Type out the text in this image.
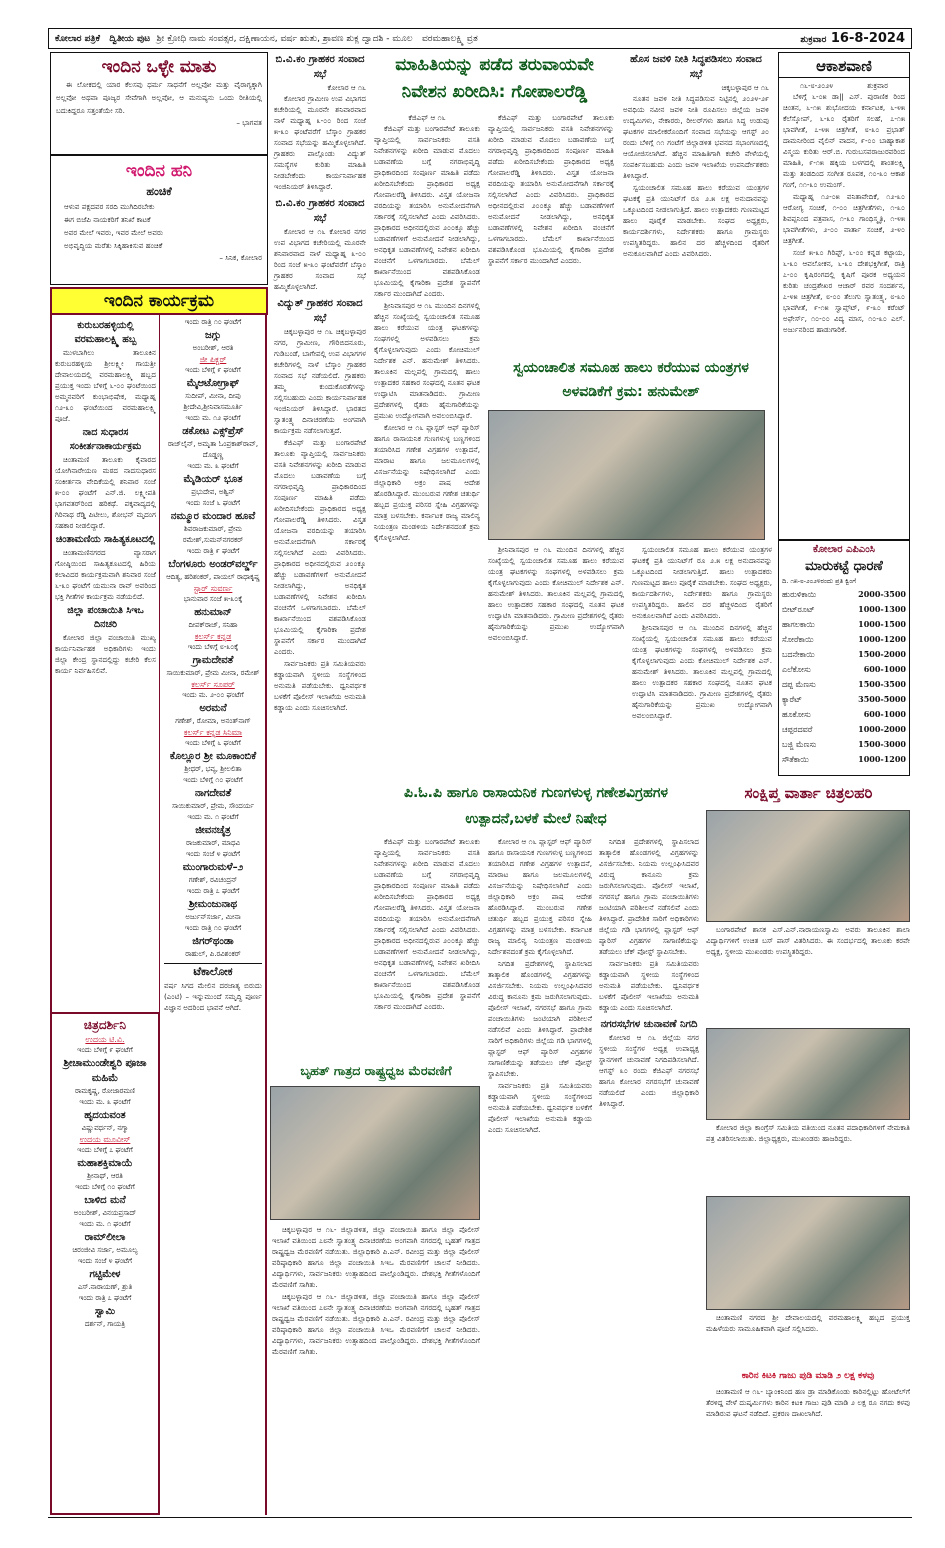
ಕೋಲಾರ ಪತ್ರಿಕೆ
ದ್ವಿತೀಯ ಪುಟ
ಶ್ರೀ ಕ್ರೋಧಿ ನಾಮ ಸಂವತ್ಸರ, ದಕ್ಷಿಣಾಯನ, ವರ್ಷ ಋತು, ಶ್ರಾವಣ ಶುಕ್ಲ ದ್ವಾದಶಿ - ಮೂಲ
ವರಮಹಾಲಕ್ಷ್ಮಿ ವ್ರತ	ಶುಕ್ರವಾರ 16-8-2024
ಇಂದಿನ ಒಳ್ಳೇ ಮಾತು
ಈ ಲೋಕದಲ್ಲಿ ಯಾರ ಕೆಲಸವು ಧರ್ಮ ಸಾಧನೆಗೆ ಅಲ್ಲವೋ ಮತ್ತು ವೈರಾಗ್ಯಕ್ಕಾಗಿ ಅಲ್ಲವೋ ಅಥವಾ ಪೂಜ್ಯರ ಸೇವೆಗಾಗಿ ಅಲ್ಲವೋ, ಆ ಮನುಷ್ಯನು ಒಂದು ರೀತಿಯಲ್ಲಿ ಬದುಕಿದ್ದರೂ ಸತ್ತಂತೆಯೇ ಸರಿ.
– ಭಾಗವತ
ಇಂದಿನ ಹನಿ
ಹಂಚಿಕೆ
ಆಳುವ ಪಕ್ಷದವರ ಸರದಿ ಮುಗಿದಿರಬೇಕು
ಈಗ ಬಿಜೆಪಿ ನಾಯಕರಿಗೆ ತನಿಖೆ ಕಾಟಕೆ
ಅವರ ಮೇಲೆ ಇವರು, ಇವರ ಮೇಲೆ ಅವರು
ಅಭಿವೃದ್ಧಿಯ ಮರೆತು ಸಿಕ್ಕಿಹಾಕಿಸುವ ಹಂಚಿಕೆ
– ಸಿನಿಕ, ಕೋಲಾರ
ಇಂದಿನ ಕಾರ್ಯಕ್ರಮ
ಕುರುಬರಹಳ್ಳಿಯಲ್ಲಿ ವರಮಹಾಲಕ್ಷ್ಮಿ ಹಬ್ಬ
ಮುಳಬಾಗಿಲು ತಾಲೂಕಿನ ಕುರುಬರಹಳ್ಳಿಯ ಶ್ರೀಲಕ್ಷ್ಮೀ ಗಾಯತ್ರೀ ದೇವಾಲಯದಲ್ಲಿ ವರಮಹಾಲಕ್ಷ್ಮಿ ಹಬ್ಬದ ಪ್ರಯುಕ್ತ ಇಂದು ಬೆಳಿಗ್ಗೆ ೬-೦೦ ಘಂಟೆಯಿಂದ ಅಮ್ಮನವರಿಗೆ ಕುಂಭಾಭಿಷೇಕ, ಮಧ್ಯಾಹ್ನ ೧೨-೩೦ ಘಂಟೆಯಿಂದ ವರಮಹಾಲಕ್ಷ್ಮಿ ಪೂಜೆ.
ನಾದ ಸುಧಾರಸ ಸಂಕೀರ್ತನಾಕಾರ್ಯಕ್ರಮ
ಚಿಂತಾಮಣಿ ತಾಲೂಕು ಕೈವಾರದ ಯೋಗಿನಾರೇಯಣ ಮಠದ ನಾದಸುಧಾರಸ ಸಂಕೀರ್ತನಾ ವೇದಿಕೆಯಲ್ಲಿ ಶನಿವಾರ ಸಂಜೆ ೫-೦೦ ಘಂಟೆಗೆ ಎನ್.ಜಿ. ಲಕ್ಷ್ಮೀಪತಿ ಭಾಗವತರ್‌ರಿಂದ ಹರಿಕಥೆ. ಪಕ್ಕವಾದ್ಯದಲ್ಲಿ ಗಿರಿನಾಥ ರೆಡ್ಡಿ ಪಿಟೀಲು, ಶೋಭನ್ ಮೃದಂಗ ಸಹಕಾರ ನೀಡಲಿದ್ದಾರೆ.
ಚಿಂತಾಮಣಿಯ ಸಾಹಿತ್ಯಕೂಟದಲ್ಲಿ
ಚಿಂತಾಮಣಿನಗರದ ವ್ಯಾಸರಾಗ ಗೋಷ್ಠಿಯಿಂದ ಸಾಹಿತ್ಯಕೂಟದಲ್ಲಿ ಹಿರಿಯ ಕಲಾವಿದರ ಕಾರ್ಯಕ್ರಮವಾಗಿ ಶನಿವಾರ ಸಂಜೆ ೬-೩೦ ಘಂಟೆಗೆ ಯಮುನಾ ರಾವ್ ಅವರಿಂದ ಭಕ್ತಿ ಗೀತೆಗಳ ಕಾರ್ಯಕ್ರಮ ನಡೆಯಲಿದೆ.
ಜಿಲ್ಲಾ ಪಂಚಾಯಿತಿ ಸಿಇಒ ದಿನಚರಿ
ಕೋಲಾರ ಜಿಲ್ಲಾ ಪಂಚಾಯಿತಿ ಮುಖ್ಯ ಕಾರ್ಯನಿರ್ವಾಹಕ ಅಧಿಕಾರಿಗಳು ಇಂದು ಜಿಲ್ಲಾ ಕೇಂದ್ರ ಸ್ಥಾನದಲ್ಲಿದ್ದು ಕಚೇರಿ ಕೆಲಸ ಕಾರ್ಯ ನಿರ್ವಹಿಸಲಿವೆ.
ಇಂದು ರಾತ್ರಿ ೧೦ ಘಂಟೆಗೆ
ಜಗ್ಗು
ಅಂಬರೀಶ್, ಆರತಿ
ಜೀ ಪಿಕ್ಚರ್
ಇಂದು ಬೆಳಿಗ್ಗೆ ೯ ಘಂಟೆಗೆ
ಮೈಆಟೋಗ್ರಾಫ್
ಸುದೀಪ್, ಮೀನಾ, ದೀಪು ಶ್ರೀದೇವಿ,ಶ್ರೀನಿವಾಸಮೂರ್ತಿ
ಇಂದು ಮ. ೧೨ ಘಂಟೆಗೆ
ಡಕೋಟ ಎಕ್ಸ್‌ಪ್ರೆಸ್
ರಾಜ್‌ಲೈನ್, ಅಮೃತಾ ಓಂಪ್ರಕಾಶ್‌ರಾವ್, ದೊಡ್ಡಣ್ಣ
ಇಂದು ಮ. ೩ ಘಂಟೆಗೆ
ಮೈಡಿಯರ್ ಭೂತ
ಪ್ರಭುದೇವ, ಅಶ್ವಿನ್
ಇಂದು ಸಂಜೆ ೬ ಘಂಟೆಗೆ
ನಮ್ಮೂರ ಮಂದಾರ ಹೂವೆ
ಶಿವರಾಜಕುಮಾರ್, ಪ್ರೇಮ ರಮೇಶ್,ಸುಮನ್‌ನಗರಕರ್
ಇಂದು ರಾತ್ರಿ ೯ ಘಂಟೆಗೆ
ಬೆಂಗಳೂರು ಅಂಡರ್‌ವರ್ಲ್ಡ್
ಆದಿತ್ಯ, ಹರಿಶಂಕರ್, ಪಾಯಲ್ ರಾಧಾಕೃಷ್ಣ
ಸ್ಟಾರ್ ಸುವರ್ಣ
ಭಾನುವಾರ ಸಂಜೆ ೫-೩೦ಕ್ಕೆ
ಹನುಮಾನ್
ದೀಪಕ್‌ರಾಜ್, ಸನಿಹಾ
ಕಲರ್ಸ್ ಕನ್ನಡ
ಇಂದು ಬೆಳಿಗ್ಗೆ ೮-೩೦ಕ್ಕೆ
ಗ್ರಾಮದೇವತೆ
ಸಾಯಿಕುಮಾರ್, ಪ್ರೇಮ ಮೀನಾ, ರಮೇಶ್
ಕಲರ್ಸ್ ಸೂಪರ್
ಇಂದು ಮ. ೨-೦೦ ಘಂಟೆಗೆ
ಅರಮನೆ
ಗಣೇಶ್, ರೋಮಾ, ಅನಂತ್‌ನಾಗ್
ಕಲರ್ಸ್ ಕನ್ನಡ ಸಿನಿಮಾ
ಇಂದು ಬೆಳಿಗ್ಗೆ ೬ ಘಂಟೆಗೆ
ಕೊಲ್ಲೂರ ಶ್ರೀ ಮೂಕಾಂಬಿಕೆ
ಶ್ರೀಧರ್, ಭವ್ಯ, ಶ್ರೀಲಲಿತಾ
ಇಂದು ಬೆಳಿಗ್ಗೆ ೧೦ ಘಂಟೆಗೆ
ನಾಗದೇವತೆ
ಸಾಯಿಕುಮಾರ್, ಪ್ರೇಮ, ಸೌಂದರ್ಯ
ಇಂದು ಮ. ೧ ಘಂಟೆಗೆ
ಜೀವನಚೈತ್ರ
ರಾಜಕುಮಾರ್, ಮಾಧವಿ
ಇಂದು ಸಂಜೆ ೪ ಘಂಟೆಗೆ
ಮುಂಗಾರುಮಳೆ–೨
ಗಣೇಶ್, ರವಿಚಂದ್ರನ್
ಇಂದು ರಾತ್ರಿ ೭ ಘಂಟೆಗೆ
ಶ್ರೀಮಂಜುನಾಥ
ಅರ್ಜುನ್‌ಸರ್ಜಾ, ಮೀನಾ
ಇಂದು ರಾತ್ರಿ ೧೦ ಘಂಟೆಗೆ
ಜಿಗರ್‌ಥಂಡಾ
ರಾಹುಲ್, ಪಿ.ರವಿಶಂಕರ್
ಟೆಕಾಲೋಕ
ವರ್ಷ ಸಿಗದ ಮೇಲಿನ ದರಜಾತ್ಯ ಬಿರುದು (ಎಂಟಿ) – ಇನ್ನುಮುಂದೆ ಸಮೃದ್ಧಿ ಪೂರ್ಣ ವಿಜ್ಞಾನ ಅದರಿಂದ ಭಾವನೆ ಆಗಿದೆ.
ಚಿತ್ರದರ್ಶಿನಿ
ಉದಯ ಟಿ.ವಿ.
ಇಂದು ಬೆಳಿಗ್ಗೆ ೯ ಘಂಟೆಗೆ
ಶ್ರೀಚಾಮುಂಡೇಶ್ವರಿ ಪೂಜಾ ಮಹಿಮೆ
ರಾಮಕೃಷ್ಣ, ರೋಜಾರಮಣಿ
ಇಂದು ಮ. ೩ ಘಂಟೆಗೆ
ಹೃದಯವಂತ
ವಿಷ್ಣುವರ್ಧನ್, ನಗ್ಮಾ
ಉದಯ ಮೂವೀಸ್
ಇಂದು ಬೆಳಿಗ್ಗೆ ೭ ಘಂಟೆಗೆ
ಮಹಾಶಕ್ತಿಮಾಯೆ
ಶ್ರೀನಾಥ್, ಆರತಿ
ಇಂದು ಬೆಳಿಗ್ಗೆ ೧೦ ಘಂಟೆಗೆ
ಬಾಳಿದ ಮನೆ
ಅಂಬರೀಶ್, ವಿನಯಪ್ರಸಾದ್
ಇಂದು ಮ. ೧ ಘಂಟೆಗೆ
ರಾಮ್‌ಲೀಲಾ
ಚಿರಂಜೀವಿ ಸರ್ಜಾ, ಅಮೂಲ್ಯ
ಇಂದು ಸಂಜೆ ೪ ಘಂಟೆಗೆ
ಗಟ್ಟಿಮೇಳ
ಎಸ್.ನಾರಾಯಣ್, ಶ್ರುತಿ
ಇಂದು ರಾತ್ರಿ ೭ ಘಂಟೆಗೆ
ಸ್ವಾಮಿ
ದರ್ಶನ್, ಗಾಯತ್ರಿ
ಬಿ.ವಿ.ಕಂ ಗ್ರಾಹಕರ ಸಂವಾದ ಸಭೆ
ಕೋಲಾರ ಆ ೧೬

ಕೋಲಾರ ಗ್ರಾಮೀಣ ಉಪ ವಿಭಾಗದ ಕಚೇರಿಯಲ್ಲಿ ಮೂರನೇ ಶನಿವಾರವಾದ ನಾಳೆ ಮಧ್ಯಾಹ್ನ ೩-೦೦ ರಿಂದ ಸಂಜೆ ೫-೩೦ ಘಂಟೆವರೆಗೆ ಬೆಸ್ಕಾಂ ಗ್ರಾಹಕರ ಸಂವಾದ ಸಭೆಯನ್ನು ಹಮ್ಮಿಕೊಳ್ಳಲಾಗಿದೆ. ಗ್ರಾಹಕರು ಪಾಲ್ಗೊಂಡು ವಿದ್ಯುತ್ ಸಮಸ್ಯೆಗಳ ಕುರಿತು ಮಾಹಿತಿ ನೀಡಬೇಕೆಂದು ಕಾರ್ಯನಿರ್ವಾಹಕ ಇಂಜಿನಿಯರ್ ತಿಳಿಸಿದ್ದಾರೆ.

ಬಿ.ವಿ.ಕಂ ಗ್ರಾಹಕರ ಸಂವಾದ ಸಭೆ

ಕೋಲಾರ ಆ ೧೬ ಕೋಲಾರ ನಗರ ಉಪ ವಿಭಾಗದ ಕಚೇರಿಯಲ್ಲಿ ಮೂರನೇ ಶನಿವಾರವಾದ ನಾಳೆ ಮಧ್ಯಾಹ್ನ ೩-೦೦ ರಿಂದ ಸಂಜೆ ೫-೩೦ ಘಂಟೆವರೆಗೆ ಬೆಸ್ಕಾಂ ಗ್ರಾಹಕರ ಸಂವಾದ ಸಭೆ ಹಮ್ಮಿಕೊಳ್ಳಲಾಗಿದೆ.

ವಿದ್ಯುತ್ ಗ್ರಾಹಕರ ಸಂವಾದ ಸಭೆ

ಚಿಕ್ಕಬಳ್ಳಾಪುರ ಆ ೧೬ ಚಿಕ್ಕಬಳ್ಳಾಪುರ ನಗರ, ಗ್ರಾಮೀಣ, ಗೌರಿಬಿದನೂರು, ಗುಡಿಬಂಡೆ, ಬಾಗೇಪಲ್ಲಿ ಉಪ ವಿಭಾಗಗಳ ಕಚೇರಿಗಳಲ್ಲಿ ನಾಳೆ ಬೆಸ್ಕಾಂ ಗ್ರಾಹಕರ ಸಂವಾದ ಸಭೆ ನಡೆಯಲಿದೆ. ಗ್ರಾಹಕರು ತಮ್ಮ ಕುಂದುಕೊರತೆಗಳನ್ನು ಸಲ್ಲಿಸಬಹುದು ಎಂದು ಕಾರ್ಯನಿರ್ವಾಹಕ ಇಂಜಿನಿಯರ್ ತಿಳಿಸಿದ್ದಾರೆ. ಭಾರತದ ಸ್ವಾತಂತ್ರ್ಯ ದಿನಾಚರಣೆಯ ಅಂಗವಾಗಿ ಕಾರ್ಯಕ್ರಮ ನಡೆಸಲಾಗುತ್ತದೆ.

ಕೆಜಿಎಫ್ ಮತ್ತು ಬಂಗಾರಪೇಟೆ ತಾಲೂಕು ವ್ಯಾಪ್ತಿಯಲ್ಲಿ ಸಾರ್ವಜನಿಕರು ವಸತಿ ನಿವೇಶನಗಳನ್ನು ಖರೀದಿ ಮಾಡುವ ಮೊದಲು ಬಡಾವಣೆಯ ಬಗ್ಗೆ ನಗರಾಭಿವೃದ್ಧಿ ಪ್ರಾಧಿಕಾರದಿಂದ ಸಂಪೂರ್ಣ ಮಾಹಿತಿ ಪಡೆದು ಖರೀದಿಸಬೇಕೆಂದು ಪ್ರಾಧಿಕಾರದ ಅಧ್ಯಕ್ಷ ಗೋಪಾಲರೆಡ್ಡಿ ತಿಳಿಸಿದರು. ವಿಸ್ತೃತ ಯೋಜನಾ ವರದಿಯನ್ನು ತಯಾರಿಸಿ ಅನುಮೋದನೆಗಾಗಿ ಸರ್ಕಾರಕ್ಕೆ ಸಲ್ಲಿಸಲಾಗಿದೆ ಎಂದು ವಿವರಿಸಿದರು. ಪ್ರಾಧಿಕಾರದ ಅಧೀನದಲ್ಲಿರುವ ೨೦೦ಕ್ಕೂ ಹೆಚ್ಚು ಬಡಾವಣೆಗಳಿಗೆ ಅನುಮೋದನೆ ನೀಡಲಾಗಿದ್ದು, ಅನಧಿಕೃತ ಬಡಾವಣೆಗಳಲ್ಲಿ ನಿವೇಶನ ಖರೀದಿಸಿ ವಂಚನೆಗೆ ಒಳಗಾಗಬಾರದು. ಬೆಮೆಲ್ ಕಾರ್ಖಾನೆಯಿಂದ ವಶಪಡಿಸಿಕೊಂಡ ಭೂಮಿಯಲ್ಲಿ ಕೈಗಾರಿಕಾ ಪ್ರದೇಶ ಸ್ಥಾಪನೆಗೆ ಸರ್ಕಾರ ಮುಂದಾಗಿದೆ ಎಂದರು.

ಸಾರ್ವಜನಿಕರು ಪ್ರತಿ ಸಮಿತಿಯವರು ಕಡ್ಡಾಯವಾಗಿ ಸ್ಥಳೀಯ ಸಂಸ್ಥೆಗಳಿಂದ ಅನುಮತಿ ಪಡೆಯಬೇಕು. ಧ್ವನಿವರ್ಧಕ ಬಳಕೆಗೆ ಪೊಲೀಸ್ ಇಲಾಖೆಯ ಅನುಮತಿ ಕಡ್ಡಾಯ ಎಂದು ಸೂಚಿಸಲಾಗಿದೆ.

ಮಾಹಿತಿಯನ್ನು ಪಡೆದ ತರುವಾಯವೇ ನಿವೇಶನ ಖರೀದಿಸಿ: ಗೋಪಾಲರೆಡ್ಡಿ
ಕೆಜಿಎಫ್ ಆ ೧೬

ಕೆಜಿಎಫ್ ಮತ್ತು ಬಂಗಾರಪೇಟೆ ತಾಲೂಕು ವ್ಯಾಪ್ತಿಯಲ್ಲಿ ಸಾರ್ವಜನಿಕರು ವಸತಿ ನಿವೇಶನಗಳನ್ನು ಖರೀದಿ ಮಾಡುವ ಮೊದಲು ಬಡಾವಣೆಯ ಬಗ್ಗೆ ನಗರಾಭಿವೃದ್ಧಿ ಪ್ರಾಧಿಕಾರದಿಂದ ಸಂಪೂರ್ಣ ಮಾಹಿತಿ ಪಡೆದು ಖರೀದಿಸಬೇಕೆಂದು ಪ್ರಾಧಿಕಾರದ ಅಧ್ಯಕ್ಷ ಗೋಪಾಲರೆಡ್ಡಿ ತಿಳಿಸಿದರು. ವಿಸ್ತೃತ ಯೋಜನಾ ವರದಿಯನ್ನು ತಯಾರಿಸಿ ಅನುಮೋದನೆಗಾಗಿ ಸರ್ಕಾರಕ್ಕೆ ಸಲ್ಲಿಸಲಾಗಿದೆ ಎಂದು ವಿವರಿಸಿದರು. ಪ್ರಾಧಿಕಾರದ ಅಧೀನದಲ್ಲಿರುವ ೨೦೦ಕ್ಕೂ ಹೆಚ್ಚು ಬಡಾವಣೆಗಳಿಗೆ ಅನುಮೋದನೆ ನೀಡಲಾಗಿದ್ದು, ಅನಧಿಕೃತ ಬಡಾವಣೆಗಳಲ್ಲಿ ನಿವೇಶನ ಖರೀದಿಸಿ ವಂಚನೆಗೆ ಒಳಗಾಗಬಾರದು. ಬೆಮೆಲ್ ಕಾರ್ಖಾನೆಯಿಂದ ವಶಪಡಿಸಿಕೊಂಡ ಭೂಮಿಯಲ್ಲಿ ಕೈಗಾರಿಕಾ ಪ್ರದೇಶ ಸ್ಥಾಪನೆಗೆ ಸರ್ಕಾರ ಮುಂದಾಗಿದೆ ಎಂದರು.

ಶ್ರೀನಿವಾಸಪುರ ಆ ೧೬ ಮುಂದಿನ ದಿನಗಳಲ್ಲಿ ಹೆಚ್ಚಿನ ಸಂಖ್ಯೆಯಲ್ಲಿ ಸ್ವಯಂಚಾಲಿತ ಸಮೂಹ ಹಾಲು ಕರೆಯುವ ಯಂತ್ರ ಘಟಕಗಳನ್ನು ಸಂಘಗಳಲ್ಲಿ ಅಳವಡಿಸಲು ಕ್ರಮ ಕೈಗೊಳ್ಳಲಾಗುವುದು ಎಂದು ಕೋಚಿಮುಲ್ ನಿರ್ದೇಶಕ ಎನ್. ಹನುಮೇಶ್ ತಿಳಿಸಿದರು. ತಾಲೂಕಿನ ಮಲ್ಲಪಲ್ಲಿ ಗ್ರಾಮದಲ್ಲಿ ಹಾಲು ಉತ್ಪಾದಕರ ಸಹಕಾರ ಸಂಘದಲ್ಲಿ ನೂತನ ಘಟಕ ಉದ್ಘಾಟಿಸಿ ಮಾತನಾಡಿದರು. ಗ್ರಾಮೀಣ ಪ್ರದೇಶಗಳಲ್ಲಿ ರೈತರು ಹೈನುಗಾರಿಕೆಯನ್ನು ಪ್ರಮುಖ ಉದ್ಯೋಗವಾಗಿ ಅವಲಂಬಿಸಿದ್ದಾರೆ.

ಕೋಲಾರ ಆ ೧೬ ಪ್ಲಾಸ್ಟರ್ ಆಫ್ ಪ್ಯಾರಿಸ್ ಹಾಗೂ ರಾಸಾಯನಿಕ ಗುಣಗಳುಳ್ಳ ಬಣ್ಣಗಳಿಂದ ತಯಾರಿಸಿದ ಗಣೇಶ ವಿಗ್ರಹಗಳ ಉತ್ಪಾದನೆ, ಮಾರಾಟ ಹಾಗೂ ಜಲಮೂಲಗಳಲ್ಲಿ ವಿಸರ್ಜನೆಯನ್ನು ನಿಷೇಧಿಸಲಾಗಿದೆ ಎಂದು ಜಿಲ್ಲಾಧಿಕಾರಿ ಅಕ್ರಂ ಪಾಷ ಆದೇಶ ಹೊರಡಿಸಿದ್ದಾರೆ. ಮುಂಬರುವ ಗಣೇಶ ಚತುರ್ಥಿ ಹಬ್ಬದ ಪ್ರಯುಕ್ತ ಪರಿಸರ ಸ್ನೇಹಿ ವಿಗ್ರಹಗಳನ್ನು ಮಾತ್ರ ಬಳಸಬೇಕು. ಕರ್ನಾಟಕ ರಾಜ್ಯ ಮಾಲಿನ್ಯ ನಿಯಂತ್ರಣ ಮಂಡಳಿಯ ನಿರ್ದೇಶನದಂತೆ ಕ್ರಮ ಕೈಗೊಳ್ಳಲಾಗಿದೆ.

ಕೆಜಿಎಫ್ ಮತ್ತು ಬಂಗಾರಪೇಟೆ ತಾಲೂಕು ವ್ಯಾಪ್ತಿಯಲ್ಲಿ ಸಾರ್ವಜನಿಕರು ವಸತಿ ನಿವೇಶನಗಳನ್ನು ಖರೀದಿ ಮಾಡುವ ಮೊದಲು ಬಡಾವಣೆಯ ಬಗ್ಗೆ ನಗರಾಭಿವೃದ್ಧಿ ಪ್ರಾಧಿಕಾರದಿಂದ ಸಂಪೂರ್ಣ ಮಾಹಿತಿ ಪಡೆದು ಖರೀದಿಸಬೇಕೆಂದು ಪ್ರಾಧಿಕಾರದ ಅಧ್ಯಕ್ಷ ಗೋಪಾಲರೆಡ್ಡಿ ತಿಳಿಸಿದರು. ವಿಸ್ತೃತ ಯೋಜನಾ ವರದಿಯನ್ನು ತಯಾರಿಸಿ ಅನುಮೋದನೆಗಾಗಿ ಸರ್ಕಾರಕ್ಕೆ ಸಲ್ಲಿಸಲಾಗಿದೆ ಎಂದು ವಿವರಿಸಿದರು. ಪ್ರಾಧಿಕಾರದ ಅಧೀನದಲ್ಲಿರುವ ೨೦೦ಕ್ಕೂ ಹೆಚ್ಚು ಬಡಾವಣೆಗಳಿಗೆ ಅನುಮೋದನೆ ನೀಡಲಾಗಿದ್ದು, ಅನಧಿಕೃತ ಬಡಾವಣೆಗಳಲ್ಲಿ ನಿವೇಶನ ಖರೀದಿಸಿ ವಂಚನೆಗೆ ಒಳಗಾಗಬಾರದು. ಬೆಮೆಲ್ ಕಾರ್ಖಾನೆಯಿಂದ ವಶಪಡಿಸಿಕೊಂಡ ಭೂಮಿಯಲ್ಲಿ ಕೈಗಾರಿಕಾ ಪ್ರದೇಶ ಸ್ಥಾಪನೆಗೆ ಸರ್ಕಾರ ಮುಂದಾಗಿದೆ ಎಂದರು.

ಹೊಸ ಜವಳಿ ನೀತಿ ಸಿದ್ಧಪಡಿಸಲು ಸಂವಾದ ಸಭೆ
ಚಿಕ್ಕಬಳ್ಳಾಪುರ ಆ ೧೬

ನೂತನ ಜವಳಿ ನೀತಿ ಸಿದ್ಧಪಡಿಸುವ ನಿಟ್ಟಿನಲ್ಲಿ ೨೦೨೪-೨೯ ಅವಧಿಯ ನವೀನ ಜವಳಿ ನೀತಿ ರೂಪಿಸಲು ಜಿಲ್ಲೆಯ ಜವಳಿ ಉದ್ಯಮಿಗಳು, ನೇಕಾರರು, ರೀಲರ್‌ಗಳು ಹಾಗೂ ಸಿದ್ಧ ಉಡುಪು ಘಟಕಗಳ ಮಾಲೀಕರೊಂದಿಗೆ ಸಂವಾದ ಸಭೆಯನ್ನು ಆಗಸ್ಟ್ ೨೦ ರಂದು ಬೆಳಿಗ್ಗೆ ೧೧ ಗಂಟೆಗೆ ಜಿಲ್ಲಾಡಳಿತ ಭವನದ ಸಭಾಂಗಣದಲ್ಲಿ ಆಯೋಜಿಸಲಾಗಿದೆ. ಹೆಚ್ಚಿನ ಮಾಹಿತಿಗಾಗಿ ಕಚೇರಿ ವೇಳೆಯಲ್ಲಿ ಸಂಪರ್ಕಿಸಬಹುದು ಎಂದು ಜವಳಿ ಇಲಾಖೆಯ ಉಪನಿರ್ದೇಶಕರು ತಿಳಿಸಿದ್ದಾರೆ.

ಸ್ವಯಂಚಾಲಿತ ಸಮೂಹ ಹಾಲು ಕರೆಯುವ ಯಂತ್ರಗಳ ಘಟಕಕ್ಕೆ ಪ್ರತಿ ಯುನಿಟ್‌ಗೆ ರೂ ೨.೫ ಲಕ್ಷ ಅನುದಾನವನ್ನು ಒಕ್ಕೂಟದಿಂದ ನೀಡಲಾಗುತ್ತಿದೆ. ಹಾಲು ಉತ್ಪಾದಕರು ಗುಣಮಟ್ಟದ ಹಾಲು ಪೂರೈಕೆ ಮಾಡಬೇಕು. ಸಂಘದ ಅಧ್ಯಕ್ಷರು, ಕಾರ್ಯದರ್ಶಿಗಳು, ನಿರ್ದೇಶಕರು ಹಾಗೂ ಗ್ರಾಮಸ್ಥರು ಉಪಸ್ಥಿತರಿದ್ದರು. ಹಾಲಿನ ದರ ಹೆಚ್ಚಳದಿಂದ ರೈತರಿಗೆ ಅನುಕೂಲವಾಗಿದೆ ಎಂದು ವಿವರಿಸಿದರು.

ಆಕಾಶವಾಣಿ
೧೬-೮-೨೦೨೪	ಶುಕ್ರವಾರ

ಬೆಳಿಗ್ಗೆ ೬-೦೫ ಡಾ|| ಎಸ್. ಪುರಾಣಿಕ ರಿಂದ ಚಿಂತನ, ೬-೧೫ ಶುಭೋದಯ ಕರ್ನಾಟಕ, ೬-೪೫ ಕೆಲೆಸ್ಕೋಪ್, ೬-೩೦ ರೈತರಿಗೆ ಸಲಹೆ, ೭-೧೫ ಭಾವಗೀತೆ, ೭-೪೫ ಚಿತ್ರಗೀತೆ, ೮-೩೦ ಪ್ರಭಾತ್ ದಾಮನೀರಿಂದ ವೈಲಿನ್ ವಾದನ, ೯-೦೦ ಬಾಹ್ಯಾಕಾಶ ವಿಸ್ಮಯ ಕುರಿತು ಆರ್.ಬಿ. ಗುರುಬಸವರಾಜುರವರಿಂದ ಮಾಹಿತಿ, ೯-೧೫ ಹಕ್ಕಿಯ ಬಳಗದಲ್ಲಿ ಶಾಂತಲಕ್ಷ್ಮಿ ಮತ್ತು ತಂಡದಿಂದ ಸಂಗೀತ ರೂಪಕ, ೧೦-೩೦ ಆಕಾಶ ಗಂಗೆ, ೧೧-೩೦ ಉಮಂಗ್.

ಮಧ್ಯಾಹ್ನ ೧೨-೦೫ ವನಿತಾವೇದಿಕೆ, ೧೨-೩೦ ಆರೋಗ್ಯ ಸಂಚಿಕೆ, ೧-೦೦ ಚಿತ್ರಗೀತೆಗಳು, ೧-೩೦ ಶಿವಪ್ಪನಿಂದ ಪತ್ರವಾಸ, ೧-೩೦ ಗಾಂಧಿಸ್ಮೃತಿ, ೧-೪೫ ಭಾವಗೀತೆಗಳು, ೨-೦೦ ವಾರ್ತಾ ಸಂಚಿಕೆ, ೨-೪೦ ಚಿತ್ರಗೀತೆ.

ಸಂಜೆ ೫-೩೦ ಗಿರಿಪ್ಟ್, ೬-೦೦ ಕನ್ನಡ ಕಟ್ಟಾಯ, ೬-೩೦ ಆವಲೋಕನ, ೬-೩೦ ದೇಶಭಕ್ತಿಗೀತೆ, ರಾತ್ರಿ ೭-೦೦ ಕೃಷಿರಂಗದಲ್ಲಿ ಕೃಷಿಗೆ ಪೂರಕ ಅಧ್ಯಯನ ಕುರಿತು ಚಂದ್ರಶೇಖರ ಆಚಾರ್ ರವರ ಸಂದರ್ಶನ, ೭-೪೫ ಚಿತ್ರಗೀತೆ, ೮-೦೦ ತೆಲುಗು ಸ್ವಾತಂತ್ರ್ಯ, ೮-೩೦ ಭಾವಗೀತೆ, ೯-೧೫ ಸ್ವಾಪ್ಸ್‌ಟ್, ೯-೩೦ ಕರೆಂಟ್ ಅಫೇರ್ಸ್, ೧೦-೦೦ ವಿದ್ಯ ಮಾಸ, ೧೦-೩೦ ಎಲ್. ಅರ್ಜುನರಿಂದ ಹಾಡುಗಾರಿಕೆ.

ಸ್ವಯಂಚಾಲಿತ ಸಮೂಹ ಹಾಲು ಕರೆಯುವ ಯಂತ್ರಗಳ ಅಳವಡಿಕೆಗೆ ಕ್ರಮ: ಹನುಮೇಶ್

ಶ್ರೀನಿವಾಸಪುರ ಆ ೧೬ ಮುಂದಿನ ದಿನಗಳಲ್ಲಿ ಹೆಚ್ಚಿನ ಸಂಖ್ಯೆಯಲ್ಲಿ ಸ್ವಯಂಚಾಲಿತ ಸಮೂಹ ಹಾಲು ಕರೆಯುವ ಯಂತ್ರ ಘಟಕಗಳನ್ನು ಸಂಘಗಳಲ್ಲಿ ಅಳವಡಿಸಲು ಕ್ರಮ ಕೈಗೊಳ್ಳಲಾಗುವುದು ಎಂದು ಕೋಚಿಮುಲ್ ನಿರ್ದೇಶಕ ಎನ್. ಹನುಮೇಶ್ ತಿಳಿಸಿದರು. ತಾಲೂಕಿನ ಮಲ್ಲಪಲ್ಲಿ ಗ್ರಾಮದಲ್ಲಿ ಹಾಲು ಉತ್ಪಾದಕರ ಸಹಕಾರ ಸಂಘದಲ್ಲಿ ನೂತನ ಘಟಕ ಉದ್ಘಾಟಿಸಿ ಮಾತನಾಡಿದರು. ಗ್ರಾಮೀಣ ಪ್ರದೇಶಗಳಲ್ಲಿ ರೈತರು ಹೈನುಗಾರಿಕೆಯನ್ನು ಪ್ರಮುಖ ಉದ್ಯೋಗವಾಗಿ ಅವಲಂಬಿಸಿದ್ದಾರೆ.

ಸ್ವಯಂಚಾಲಿತ ಸಮೂಹ ಹಾಲು ಕರೆಯುವ ಯಂತ್ರಗಳ ಘಟಕಕ್ಕೆ ಪ್ರತಿ ಯುನಿಟ್‌ಗೆ ರೂ ೨.೫ ಲಕ್ಷ ಅನುದಾನವನ್ನು ಒಕ್ಕೂಟದಿಂದ ನೀಡಲಾಗುತ್ತಿದೆ. ಹಾಲು ಉತ್ಪಾದಕರು ಗುಣಮಟ್ಟದ ಹಾಲು ಪೂರೈಕೆ ಮಾಡಬೇಕು. ಸಂಘದ ಅಧ್ಯಕ್ಷರು, ಕಾರ್ಯದರ್ಶಿಗಳು, ನಿರ್ದೇಶಕರು ಹಾಗೂ ಗ್ರಾಮಸ್ಥರು ಉಪಸ್ಥಿತರಿದ್ದರು. ಹಾಲಿನ ದರ ಹೆಚ್ಚಳದಿಂದ ರೈತರಿಗೆ ಅನುಕೂಲವಾಗಿದೆ ಎಂದು ವಿವರಿಸಿದರು.

ಶ್ರೀನಿವಾಸಪುರ ಆ ೧೬ ಮುಂದಿನ ದಿನಗಳಲ್ಲಿ ಹೆಚ್ಚಿನ ಸಂಖ್ಯೆಯಲ್ಲಿ ಸ್ವಯಂಚಾಲಿತ ಸಮೂಹ ಹಾಲು ಕರೆಯುವ ಯಂತ್ರ ಘಟಕಗಳನ್ನು ಸಂಘಗಳಲ್ಲಿ ಅಳವಡಿಸಲು ಕ್ರಮ ಕೈಗೊಳ್ಳಲಾಗುವುದು ಎಂದು ಕೋಚಿಮುಲ್ ನಿರ್ದೇಶಕ ಎನ್. ಹನುಮೇಶ್ ತಿಳಿಸಿದರು. ತಾಲೂಕಿನ ಮಲ್ಲಪಲ್ಲಿ ಗ್ರಾಮದಲ್ಲಿ ಹಾಲು ಉತ್ಪಾದಕರ ಸಹಕಾರ ಸಂಘದಲ್ಲಿ ನೂತನ ಘಟಕ ಉದ್ಘಾಟಿಸಿ ಮಾತನಾಡಿದರು. ಗ್ರಾಮೀಣ ಪ್ರದೇಶಗಳಲ್ಲಿ ರೈತರು ಹೈನುಗಾರಿಕೆಯನ್ನು ಪ್ರಮುಖ ಉದ್ಯೋಗವಾಗಿ ಅವಲಂಬಿಸಿದ್ದಾರೆ.

ಕೋಲಾರ ಎಪಿಎಂಸಿ
ಮಾರುಕಟ್ಟೆ ಧಾರಣೆ
ದಿ. ೧೫-೮-೨೦೨೪ರಂದು ಪ್ರತಿ ಕ್ವಿಂಗೆ
ಹುರುಳಿಕಾಯಿ	2000-3500
ಬೀಟ್‌ರೂಟ್	1000-1300
ಹಾಗಲಕಾಯಿ	1000-1500
ಸೋರೆಕಾಯಿ	1000-1200
ಬದನೇಕಾಯಿ	1500-2000
ಎಲೆಕೋಸು	600-1000
ದಪ್ಪ ಮೆಣಸು	1500-3500
ಕ್ಯಾರೆಟ್	3500-5000
ಹೂಕೋಸು	600-1000
ಚಪ್ಪರದವರೆ	1000-2000
ಬಜ್ಜಿ ಮೆಣಸು	1500-3000
ಸೌತೆಕಾಯಿ	1000-1200
ಪಿ.ಓ.ಪಿ ಹಾಗೂ ರಾಸಾಯನಿಕ ಗುಣಗಳುಳ್ಳ ಗಣೇಶವಿಗ್ರಹಗಳ ಉತ್ಪಾದನೆ,ಬಳಕೆ ಮೇಲೆ ನಿಷೇಧ

ಕೆಜಿಎಫ್ ಮತ್ತು ಬಂಗಾರಪೇಟೆ ತಾಲೂಕು ವ್ಯಾಪ್ತಿಯಲ್ಲಿ ಸಾರ್ವಜನಿಕರು ವಸತಿ ನಿವೇಶನಗಳನ್ನು ಖರೀದಿ ಮಾಡುವ ಮೊದಲು ಬಡಾವಣೆಯ ಬಗ್ಗೆ ನಗರಾಭಿವೃದ್ಧಿ ಪ್ರಾಧಿಕಾರದಿಂದ ಸಂಪೂರ್ಣ ಮಾಹಿತಿ ಪಡೆದು ಖರೀದಿಸಬೇಕೆಂದು ಪ್ರಾಧಿಕಾರದ ಅಧ್ಯಕ್ಷ ಗೋಪಾಲರೆಡ್ಡಿ ತಿಳಿಸಿದರು. ವಿಸ್ತೃತ ಯೋಜನಾ ವರದಿಯನ್ನು ತಯಾರಿಸಿ ಅನುಮೋದನೆಗಾಗಿ ಸರ್ಕಾರಕ್ಕೆ ಸಲ್ಲಿಸಲಾಗಿದೆ ಎಂದು ವಿವರಿಸಿದರು. ಪ್ರಾಧಿಕಾರದ ಅಧೀನದಲ್ಲಿರುವ ೨೦೦ಕ್ಕೂ ಹೆಚ್ಚು ಬಡಾವಣೆಗಳಿಗೆ ಅನುಮೋದನೆ ನೀಡಲಾಗಿದ್ದು, ಅನಧಿಕೃತ ಬಡಾವಣೆಗಳಲ್ಲಿ ನಿವೇಶನ ಖರೀದಿಸಿ ವಂಚನೆಗೆ ಒಳಗಾಗಬಾರದು. ಬೆಮೆಲ್ ಕಾರ್ಖಾನೆಯಿಂದ ವಶಪಡಿಸಿಕೊಂಡ ಭೂಮಿಯಲ್ಲಿ ಕೈಗಾರಿಕಾ ಪ್ರದೇಶ ಸ್ಥಾಪನೆಗೆ ಸರ್ಕಾರ ಮುಂದಾಗಿದೆ ಎಂದರು.

ಕೋಲಾರ ಆ ೧೬ ಪ್ಲಾಸ್ಟರ್ ಆಫ್ ಪ್ಯಾರಿಸ್ ಹಾಗೂ ರಾಸಾಯನಿಕ ಗುಣಗಳುಳ್ಳ ಬಣ್ಣಗಳಿಂದ ತಯಾರಿಸಿದ ಗಣೇಶ ವಿಗ್ರಹಗಳ ಉತ್ಪಾದನೆ, ಮಾರಾಟ ಹಾಗೂ ಜಲಮೂಲಗಳಲ್ಲಿ ವಿಸರ್ಜನೆಯನ್ನು ನಿಷೇಧಿಸಲಾಗಿದೆ ಎಂದು ಜಿಲ್ಲಾಧಿಕಾರಿ ಅಕ್ರಂ ಪಾಷ ಆದೇಶ ಹೊರಡಿಸಿದ್ದಾರೆ. ಮುಂಬರುವ ಗಣೇಶ ಚತುರ್ಥಿ ಹಬ್ಬದ ಪ್ರಯುಕ್ತ ಪರಿಸರ ಸ್ನೇಹಿ ವಿಗ್ರಹಗಳನ್ನು ಮಾತ್ರ ಬಳಸಬೇಕು. ಕರ್ನಾಟಕ ರಾಜ್ಯ ಮಾಲಿನ್ಯ ನಿಯಂತ್ರಣ ಮಂಡಳಿಯ ನಿರ್ದೇಶನದಂತೆ ಕ್ರಮ ಕೈಗೊಳ್ಳಲಾಗಿದೆ.

ನಿಗದಿತ ಪ್ರದೇಶಗಳಲ್ಲಿ ಸ್ಥಾಪಿಸಲಾದ ತಾತ್ಕಾಲಿಕ ಹೊಂಡಗಳಲ್ಲಿ ವಿಗ್ರಹಗಳನ್ನು ವಿಸರ್ಜಿಸಬೇಕು. ನಿಯಮ ಉಲ್ಲಂಘಿಸಿದವರ ವಿರುದ್ಧ ಕಾನೂನು ಕ್ರಮ ಜರುಗಿಸಲಾಗುವುದು. ಪೊಲೀಸ್ ಇಲಾಖೆ, ನಗರಸಭೆ ಹಾಗೂ ಗ್ರಾಮ ಪಂಚಾಯಿತಿಗಳು ಜಂಟಿಯಾಗಿ ಪರಿಶೀಲನೆ ನಡೆಸಲಿವೆ ಎಂದು ತಿಳಿಸಿದ್ದಾರೆ. ಪ್ರಾದೇಶಿಕ ಸಾರಿಗೆ ಅಧಿಕಾರಿಗಳು ಜಿಲ್ಲೆಯ ಗಡಿ ಭಾಗಗಳಲ್ಲಿ ಪ್ಲಾಸ್ಟರ್ ಆಫ್ ಪ್ಯಾರಿಸ್ ವಿಗ್ರಹಗಳ ಸಾಗಾಣಿಕೆಯನ್ನು ತಡೆಯಲು ಚೆಕ್ ಪೋಸ್ಟ್ ಸ್ಥಾಪಿಸಬೇಕು.

ಸಾರ್ವಜನಿಕರು ಪ್ರತಿ ಸಮಿತಿಯವರು ಕಡ್ಡಾಯವಾಗಿ ಸ್ಥಳೀಯ ಸಂಸ್ಥೆಗಳಿಂದ ಅನುಮತಿ ಪಡೆಯಬೇಕು. ಧ್ವನಿವರ್ಧಕ ಬಳಕೆಗೆ ಪೊಲೀಸ್ ಇಲಾಖೆಯ ಅನುಮತಿ ಕಡ್ಡಾಯ ಎಂದು ಸೂಚಿಸಲಾಗಿದೆ.

ನಿಗದಿತ ಪ್ರದೇಶಗಳಲ್ಲಿ ಸ್ಥಾಪಿಸಲಾದ ತಾತ್ಕಾಲಿಕ ಹೊಂಡಗಳಲ್ಲಿ ವಿಗ್ರಹಗಳನ್ನು ವಿಸರ್ಜಿಸಬೇಕು. ನಿಯಮ ಉಲ್ಲಂಘಿಸಿದವರ ವಿರುದ್ಧ ಕಾನೂನು ಕ್ರಮ ಜರುಗಿಸಲಾಗುವುದು. ಪೊಲೀಸ್ ಇಲಾಖೆ, ನಗರಸಭೆ ಹಾಗೂ ಗ್ರಾಮ ಪಂಚಾಯಿತಿಗಳು ಜಂಟಿಯಾಗಿ ಪರಿಶೀಲನೆ ನಡೆಸಲಿವೆ ಎಂದು ತಿಳಿಸಿದ್ದಾರೆ. ಪ್ರಾದೇಶಿಕ ಸಾರಿಗೆ ಅಧಿಕಾರಿಗಳು ಜಿಲ್ಲೆಯ ಗಡಿ ಭಾಗಗಳಲ್ಲಿ ಪ್ಲಾಸ್ಟರ್ ಆಫ್ ಪ್ಯಾರಿಸ್ ವಿಗ್ರಹಗಳ ಸಾಗಾಣಿಕೆಯನ್ನು ತಡೆಯಲು ಚೆಕ್ ಪೋಸ್ಟ್ ಸ್ಥಾಪಿಸಬೇಕು.

ಸಾರ್ವಜನಿಕರು ಪ್ರತಿ ಸಮಿತಿಯವರು ಕಡ್ಡಾಯವಾಗಿ ಸ್ಥಳೀಯ ಸಂಸ್ಥೆಗಳಿಂದ ಅನುಮತಿ ಪಡೆಯಬೇಕು. ಧ್ವನಿವರ್ಧಕ ಬಳಕೆಗೆ ಪೊಲೀಸ್ ಇಲಾಖೆಯ ಅನುಮತಿ ಕಡ್ಡಾಯ ಎಂದು ಸೂಚಿಸಲಾಗಿದೆ.

ನಗರಸಭೆಗಳ ಚುನಾವಣೆ ನಿಗದಿ

ಕೋಲಾರ ಆ ೧೬ ಜಿಲ್ಲೆಯ ನಗರ ಸ್ಥಳೀಯ ಸಂಸ್ಥೆಗಳ ಅಧ್ಯಕ್ಷ ಉಪಾಧ್ಯಕ್ಷ ಸ್ಥಾನಗಳಿಗೆ ಚುನಾವಣೆ ನಿಗದಿಪಡಿಸಲಾಗಿದೆ. ಆಗಸ್ಟ್ ೩೦ ರಂದು ಕೆಜಿಎಫ್ ನಗರಸಭೆ ಹಾಗೂ ಕೋಲಾರ ನಗರಸಭೆಗೆ ಚುನಾವಣೆ ನಡೆಯಲಿದೆ ಎಂದು ಜಿಲ್ಲಾಧಿಕಾರಿ ತಿಳಿಸಿದ್ದಾರೆ.

ಬೃಹತ್ ಗಾತ್ರದ ರಾಷ್ಟ್ರಧ್ವಜ ಮೆರವಣಿಗೆ

ಚಿಕ್ಕಬಳ್ಳಾಪುರ ಆ ೧೬- ಜಿಲ್ಲಾಡಳಿತ, ಜಿಲ್ಲಾ ಪಂಚಾಯಿತಿ ಹಾಗೂ ಜಿಲ್ಲಾ ಪೊಲೀಸ್ ಇಲಾಖೆ ವತಿಯಿಂದ ೭೮ನೇ ಸ್ವಾತಂತ್ರ್ಯ ದಿನಾಚರಣೆಯ ಅಂಗವಾಗಿ ನಗರದಲ್ಲಿ ಬೃಹತ್ ಗಾತ್ರದ ರಾಷ್ಟ್ರಧ್ವಜ ಮೆರವಣಿಗೆ ನಡೆಯಿತು. ಜಿಲ್ಲಾಧಿಕಾರಿ ಪಿ.ಎನ್. ರವೀಂದ್ರ ಮತ್ತು ಜಿಲ್ಲಾ ಪೊಲೀಸ್ ವರಿಷ್ಠಾಧಿಕಾರಿ ಹಾಗೂ ಜಿಲ್ಲಾ ಪಂಚಾಯಿತಿ ಸಿಇಒ ಮೆರವಣಿಗೆಗೆ ಚಾಲನೆ ನೀಡಿದರು. ವಿದ್ಯಾರ್ಥಿಗಳು, ಸಾರ್ವಜನಿಕರು ಉತ್ಸಾಹದಿಂದ ಪಾಲ್ಗೊಂಡಿದ್ದರು. ದೇಶಭಕ್ತಿ ಗೀತೆಗಳೊಂದಿಗೆ ಮೆರವಣಿಗೆ ಸಾಗಿತು.

ಚಿಕ್ಕಬಳ್ಳಾಪುರ ಆ ೧೬- ಜಿಲ್ಲಾಡಳಿತ, ಜಿಲ್ಲಾ ಪಂಚಾಯಿತಿ ಹಾಗೂ ಜಿಲ್ಲಾ ಪೊಲೀಸ್ ಇಲಾಖೆ ವತಿಯಿಂದ ೭೮ನೇ ಸ್ವಾತಂತ್ರ್ಯ ದಿನಾಚರಣೆಯ ಅಂಗವಾಗಿ ನಗರದಲ್ಲಿ ಬೃಹತ್ ಗಾತ್ರದ ರಾಷ್ಟ್ರಧ್ವಜ ಮೆರವಣಿಗೆ ನಡೆಯಿತು. ಜಿಲ್ಲಾಧಿಕಾರಿ ಪಿ.ಎನ್. ರವೀಂದ್ರ ಮತ್ತು ಜಿಲ್ಲಾ ಪೊಲೀಸ್ ವರಿಷ್ಠಾಧಿಕಾರಿ ಹಾಗೂ ಜಿಲ್ಲಾ ಪಂಚಾಯಿತಿ ಸಿಇಒ ಮೆರವಣಿಗೆಗೆ ಚಾಲನೆ ನೀಡಿದರು. ವಿದ್ಯಾರ್ಥಿಗಳು, ಸಾರ್ವಜನಿಕರು ಉತ್ಸಾಹದಿಂದ ಪಾಲ್ಗೊಂಡಿದ್ದರು. ದೇಶಭಕ್ತಿ ಗೀತೆಗಳೊಂದಿಗೆ ಮೆರವಣಿಗೆ ಸಾಗಿತು.

ಸಂಕ್ಷಿಪ್ತ ವಾರ್ತಾ ಚಿತ್ರಲಹರಿ

ಬಂಗಾರಪೇಟೆ ಶಾಸಕ ಎಸ್.ಎನ್.ನಾರಾಯಣಸ್ವಾಮಿ ಅವರು ತಾಲೂಕಿನ ಶಾಲಾ ವಿದ್ಯಾರ್ಥಿಗಳಿಗೆ ಉಚಿತ ಬಸ್ ಪಾಸ್ ವಿತರಿಸಿದರು. ಈ ಸಂದರ್ಭದಲ್ಲಿ ತಾಲೂಕು ಕರವೇ ಅಧ್ಯಕ್ಷ, ಸ್ಥಳೀಯ ಮುಖಂಡರು ಉಪಸ್ಥಿತರಿದ್ದರು.

ಕೋಲಾರ ಜಿಲ್ಲಾ ಕಾಂಗ್ರೆಸ್ ಸಮಿತಿಯ ವತಿಯಿಂದ ನೂತನ ಪದಾಧಿಕಾರಿಗಳಿಗೆ ನೇಮಕಾತಿ ಪತ್ರ ವಿತರಿಸಲಾಯಿತು. ಜಿಲ್ಲಾಧ್ಯಕ್ಷರು, ಮುಖಂಡರು ಹಾಜರಿದ್ದರು.

ಚಿಂತಾಮಣಿ ನಗರದ ಶ್ರೀ ದೇವಾಲಯದಲ್ಲಿ ವರಮಹಾಲಕ್ಷ್ಮಿ ಹಬ್ಬದ ಪ್ರಯುಕ್ತ ಮಹಿಳೆಯರು ಸಾಮೂಹಿಕವಾಗಿ ಪೂಜೆ ಸಲ್ಲಿಸಿದರು.

ಕಾರಿನ ಕಿಟಕಿ ಗಾಜು ಪುಡಿ ಮಾಡಿ ೨ ಲಕ್ಷ ಕಳವು

ಚಿಂತಾಮಣಿ ಆ ೧೬- ಬ್ಯಾಂಕಿನಿಂದ ಹಣ ಡ್ರಾ ಮಾಡಿಕೊಂಡು ಕಾರಿನಲ್ಲಿಟ್ಟು ಹೋಟೆಲ್‌ಗೆ ತೆರಳಿದ್ದ ವೇಳೆ ದುಷ್ಕರ್ಮಿಗಳು ಕಾರಿನ ಕಿಟಕಿ ಗಾಜು ಪುಡಿ ಮಾಡಿ ೨ ಲಕ್ಷ ರೂ ನಗದು ಕಳವು ಮಾಡಿರುವ ಘಟನೆ ನಡೆದಿದೆ. ಪ್ರಕರಣ ದಾಖಲಾಗಿದೆ.
